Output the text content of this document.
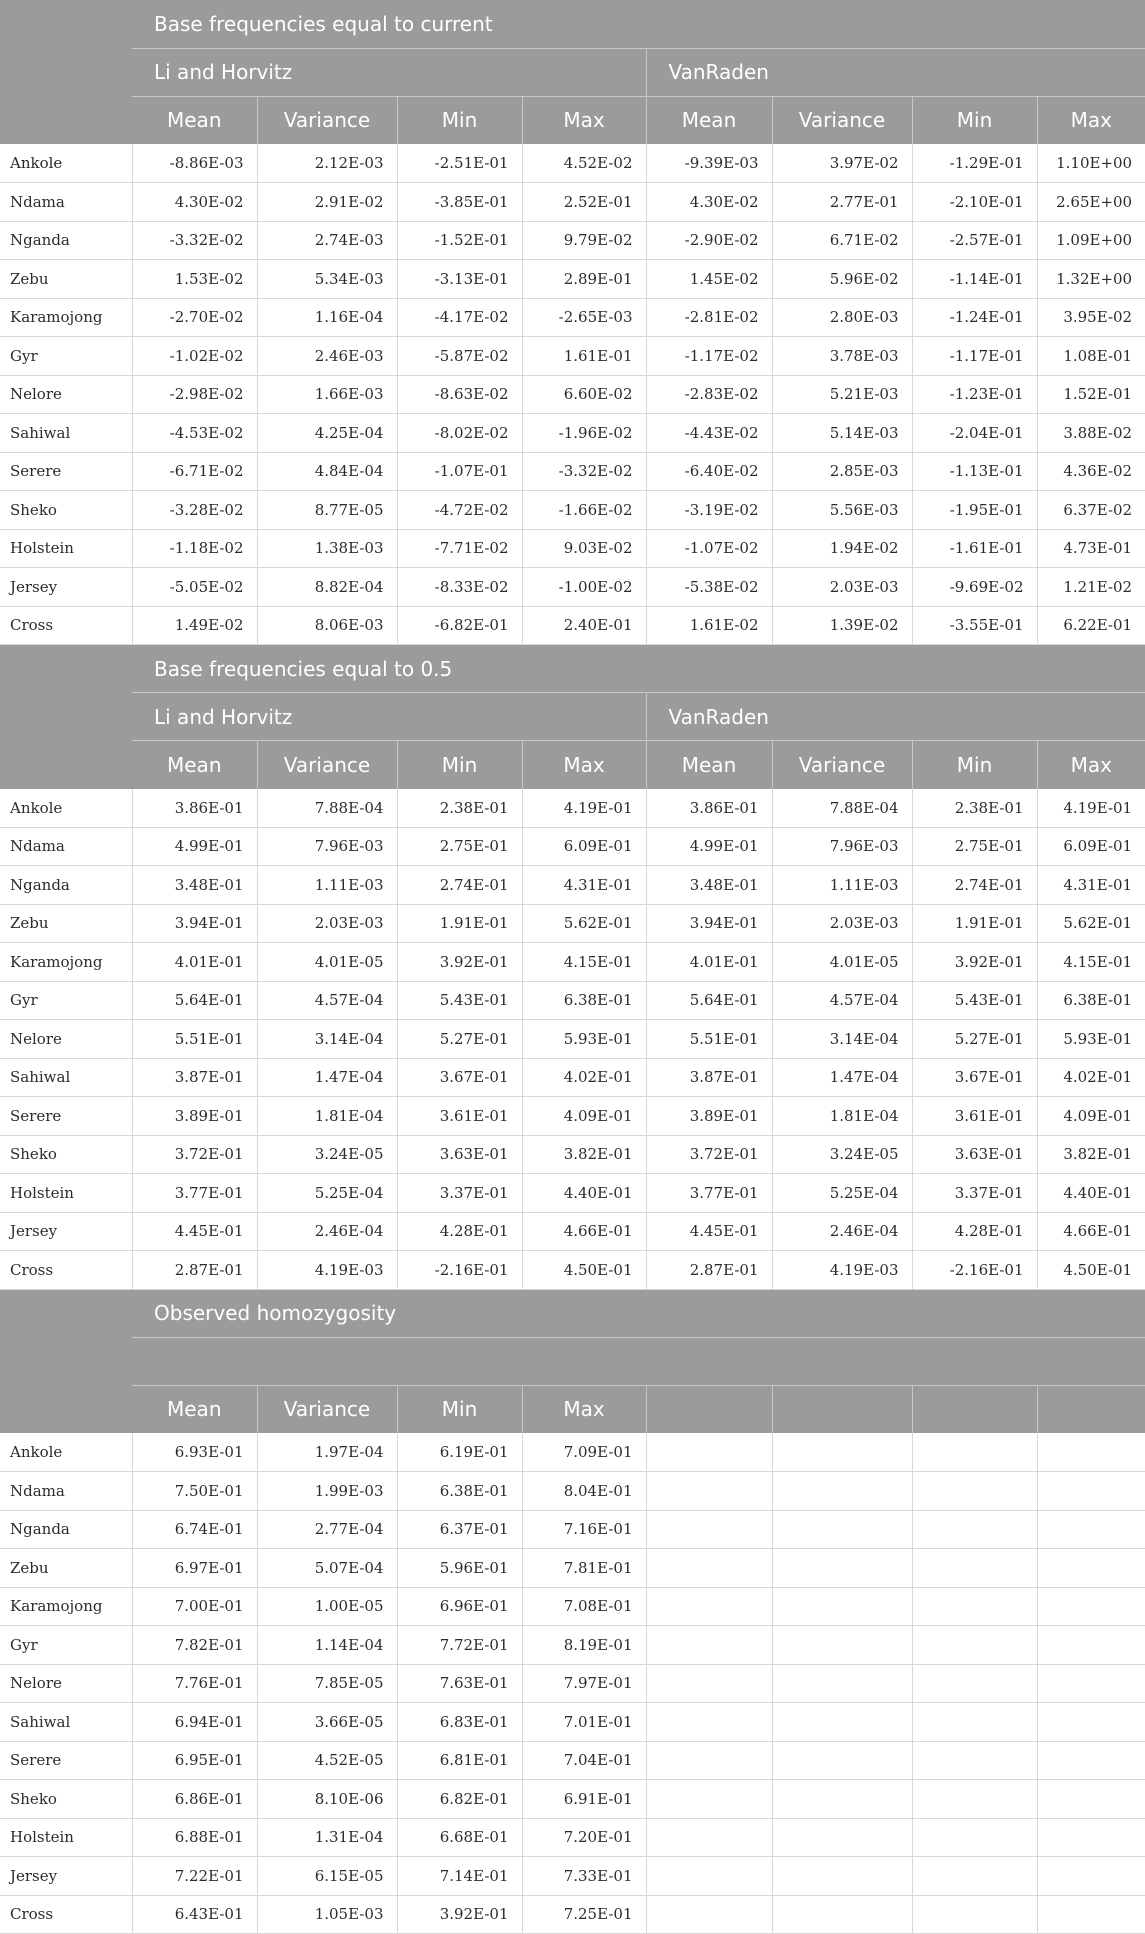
	Base frequencies equal to current							
	Li and Horvitz				VanRaden			
	Mean	Variance	Min	Max	Mean	Variance	Min	Max
Ankole	-8.86E-03	2.12E-03	-2.51E-01	4.52E-02	-9.39E-03	3.97E-02	-1.29E-01	1.10E+00
Ndama	4.30E-02	2.91E-02	-3.85E-01	2.52E-01	4.30E-02	2.77E-01	-2.10E-01	2.65E+00
Nganda	-3.32E-02	2.74E-03	-1.52E-01	9.79E-02	-2.90E-02	6.71E-02	-2.57E-01	1.09E+00
Zebu	1.53E-02	5.34E-03	-3.13E-01	2.89E-01	1.45E-02	5.96E-02	-1.14E-01	1.32E+00
Karamojong	-2.70E-02	1.16E-04	-4.17E-02	-2.65E-03	-2.81E-02	2.80E-03	-1.24E-01	3.95E-02
Gyr	-1.02E-02	2.46E-03	-5.87E-02	1.61E-01	-1.17E-02	3.78E-03	-1.17E-01	1.08E-01
Nelore	-2.98E-02	1.66E-03	-8.63E-02	6.60E-02	-2.83E-02	5.21E-03	-1.23E-01	1.52E-01
Sahiwal	-4.53E-02	4.25E-04	-8.02E-02	-1.96E-02	-4.43E-02	5.14E-03	-2.04E-01	3.88E-02
Serere	-6.71E-02	4.84E-04	-1.07E-01	-3.32E-02	-6.40E-02	2.85E-03	-1.13E-01	4.36E-02
Sheko	-3.28E-02	8.77E-05	-4.72E-02	-1.66E-02	-3.19E-02	5.56E-03	-1.95E-01	6.37E-02
Holstein	-1.18E-02	1.38E-03	-7.71E-02	9.03E-02	-1.07E-02	1.94E-02	-1.61E-01	4.73E-01
Jersey	-5.05E-02	8.82E-04	-8.33E-02	-1.00E-02	-5.38E-02	2.03E-03	-9.69E-02	1.21E-02
Cross	1.49E-02	8.06E-03	-6.82E-01	2.40E-01	1.61E-02	1.39E-02	-3.55E-01	6.22E-01
	Base frequencies equal to 0.5							
	Li and Horvitz				VanRaden			
	Mean	Variance	Min	Max	Mean	Variance	Min	Max
Ankole	3.86E-01	7.88E-04	2.38E-01	4.19E-01	3.86E-01	7.88E-04	2.38E-01	4.19E-01
Ndama	4.99E-01	7.96E-03	2.75E-01	6.09E-01	4.99E-01	7.96E-03	2.75E-01	6.09E-01
Nganda	3.48E-01	1.11E-03	2.74E-01	4.31E-01	3.48E-01	1.11E-03	2.74E-01	4.31E-01
Zebu	3.94E-01	2.03E-03	1.91E-01	5.62E-01	3.94E-01	2.03E-03	1.91E-01	5.62E-01
Karamojong	4.01E-01	4.01E-05	3.92E-01	4.15E-01	4.01E-01	4.01E-05	3.92E-01	4.15E-01
Gyr	5.64E-01	4.57E-04	5.43E-01	6.38E-01	5.64E-01	4.57E-04	5.43E-01	6.38E-01
Nelore	5.51E-01	3.14E-04	5.27E-01	5.93E-01	5.51E-01	3.14E-04	5.27E-01	5.93E-01
Sahiwal	3.87E-01	1.47E-04	3.67E-01	4.02E-01	3.87E-01	1.47E-04	3.67E-01	4.02E-01
Serere	3.89E-01	1.81E-04	3.61E-01	4.09E-01	3.89E-01	1.81E-04	3.61E-01	4.09E-01
Sheko	3.72E-01	3.24E-05	3.63E-01	3.82E-01	3.72E-01	3.24E-05	3.63E-01	3.82E-01
Holstein	3.77E-01	5.25E-04	3.37E-01	4.40E-01	3.77E-01	5.25E-04	3.37E-01	4.40E-01
Jersey	4.45E-01	2.46E-04	4.28E-01	4.66E-01	4.45E-01	2.46E-04	4.28E-01	4.66E-01
Cross	2.87E-01	4.19E-03	-2.16E-01	4.50E-01	2.87E-01	4.19E-03	-2.16E-01	4.50E-01
	Observed homozygosity							

	Mean	Variance	Min	Max				
Ankole	6.93E-01	1.97E-04	6.19E-01	7.09E-01				
Ndama	7.50E-01	1.99E-03	6.38E-01	8.04E-01				
Nganda	6.74E-01	2.77E-04	6.37E-01	7.16E-01				
Zebu	6.97E-01	5.07E-04	5.96E-01	7.81E-01				
Karamojong	7.00E-01	1.00E-05	6.96E-01	7.08E-01				
Gyr	7.82E-01	1.14E-04	7.72E-01	8.19E-01				
Nelore	7.76E-01	7.85E-05	7.63E-01	7.97E-01				
Sahiwal	6.94E-01	3.66E-05	6.83E-01	7.01E-01				
Serere	6.95E-01	4.52E-05	6.81E-01	7.04E-01				
Sheko	6.86E-01	8.10E-06	6.82E-01	6.91E-01				
Holstein	6.88E-01	1.31E-04	6.68E-01	7.20E-01				
Jersey	7.22E-01	6.15E-05	7.14E-01	7.33E-01				
Cross	6.43E-01	1.05E-03	3.92E-01	7.25E-01				
